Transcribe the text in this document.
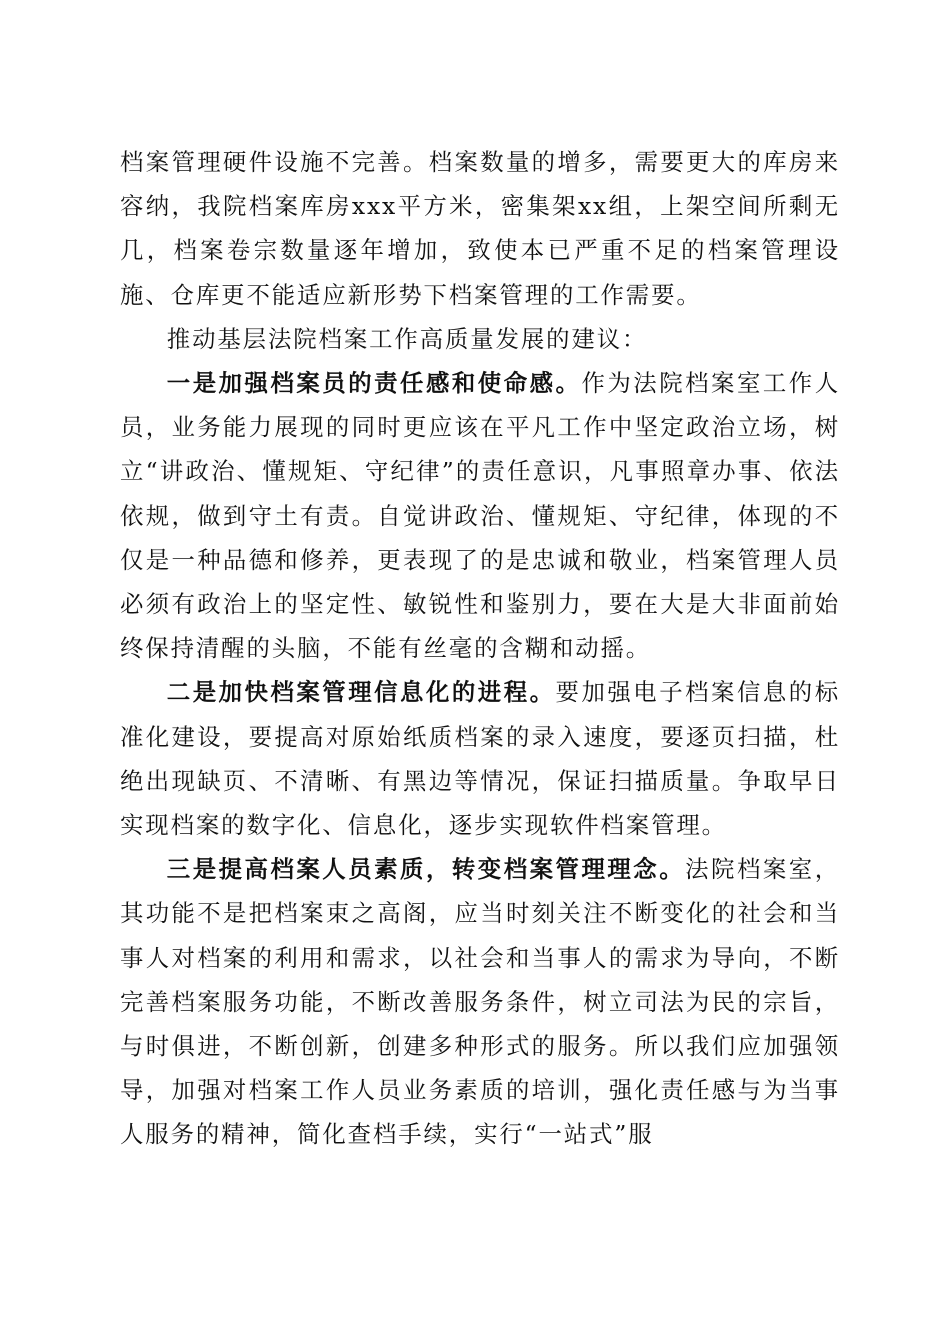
档案管理硬件设施不完善。档案数量的增多，需要更大的库房来容纳，我院档案库房xxx平方米，密集架xx组，上架空间所剩无几，档案卷宗数量逐年增加，致使本已严重不足的档案管理设施、仓库更不能适应新形势下档案管理的工作需要。

推动基层法院档案工作高质量发展的建议：

一是加强档案员的责任感和使命感。作为法院档案室工作人员，业务能力展现的同时更应该在平凡工作中坚定政治立场，树立“讲政治、懂规矩、守纪律”的责任意识，凡事照章办事、依法依规，做到守土有责。自觉讲政治、懂规矩、守纪律，体现的不仅是一种品德和修养，更表现了的是忠诚和敬业，档案管理人员必须有政治上的坚定性、敏锐性和鉴别力，要在大是大非面前始终保持清醒的头脑，不能有丝毫的含糊和动摇。

二是加快档案管理信息化的进程。要加强电子档案信息的标准化建设，要提高对原始纸质档案的录入速度，要逐页扫描，杜绝出现缺页、不清晰、有黑边等情况，保证扫描质量。争取早日实现档案的数字化、信息化，逐步实现软件档案管理。

三是提高档案人员素质，转变档案管理理念。法院档案室，其功能不是把档案束之高阁，应当时刻关注不断变化的社会和当事人对档案的利用和需求，以社会和当事人的需求为导向，不断完善档案服务功能，不断改善服务条件，树立司法为民的宗旨，与时俱进，不断创新，创建多种形式的服务。所以我们应加强领导，加强对档案工作人员业务素质的培训，强化责任感与为当事人服务的精神，简化查档手续，实行“一站式”服
